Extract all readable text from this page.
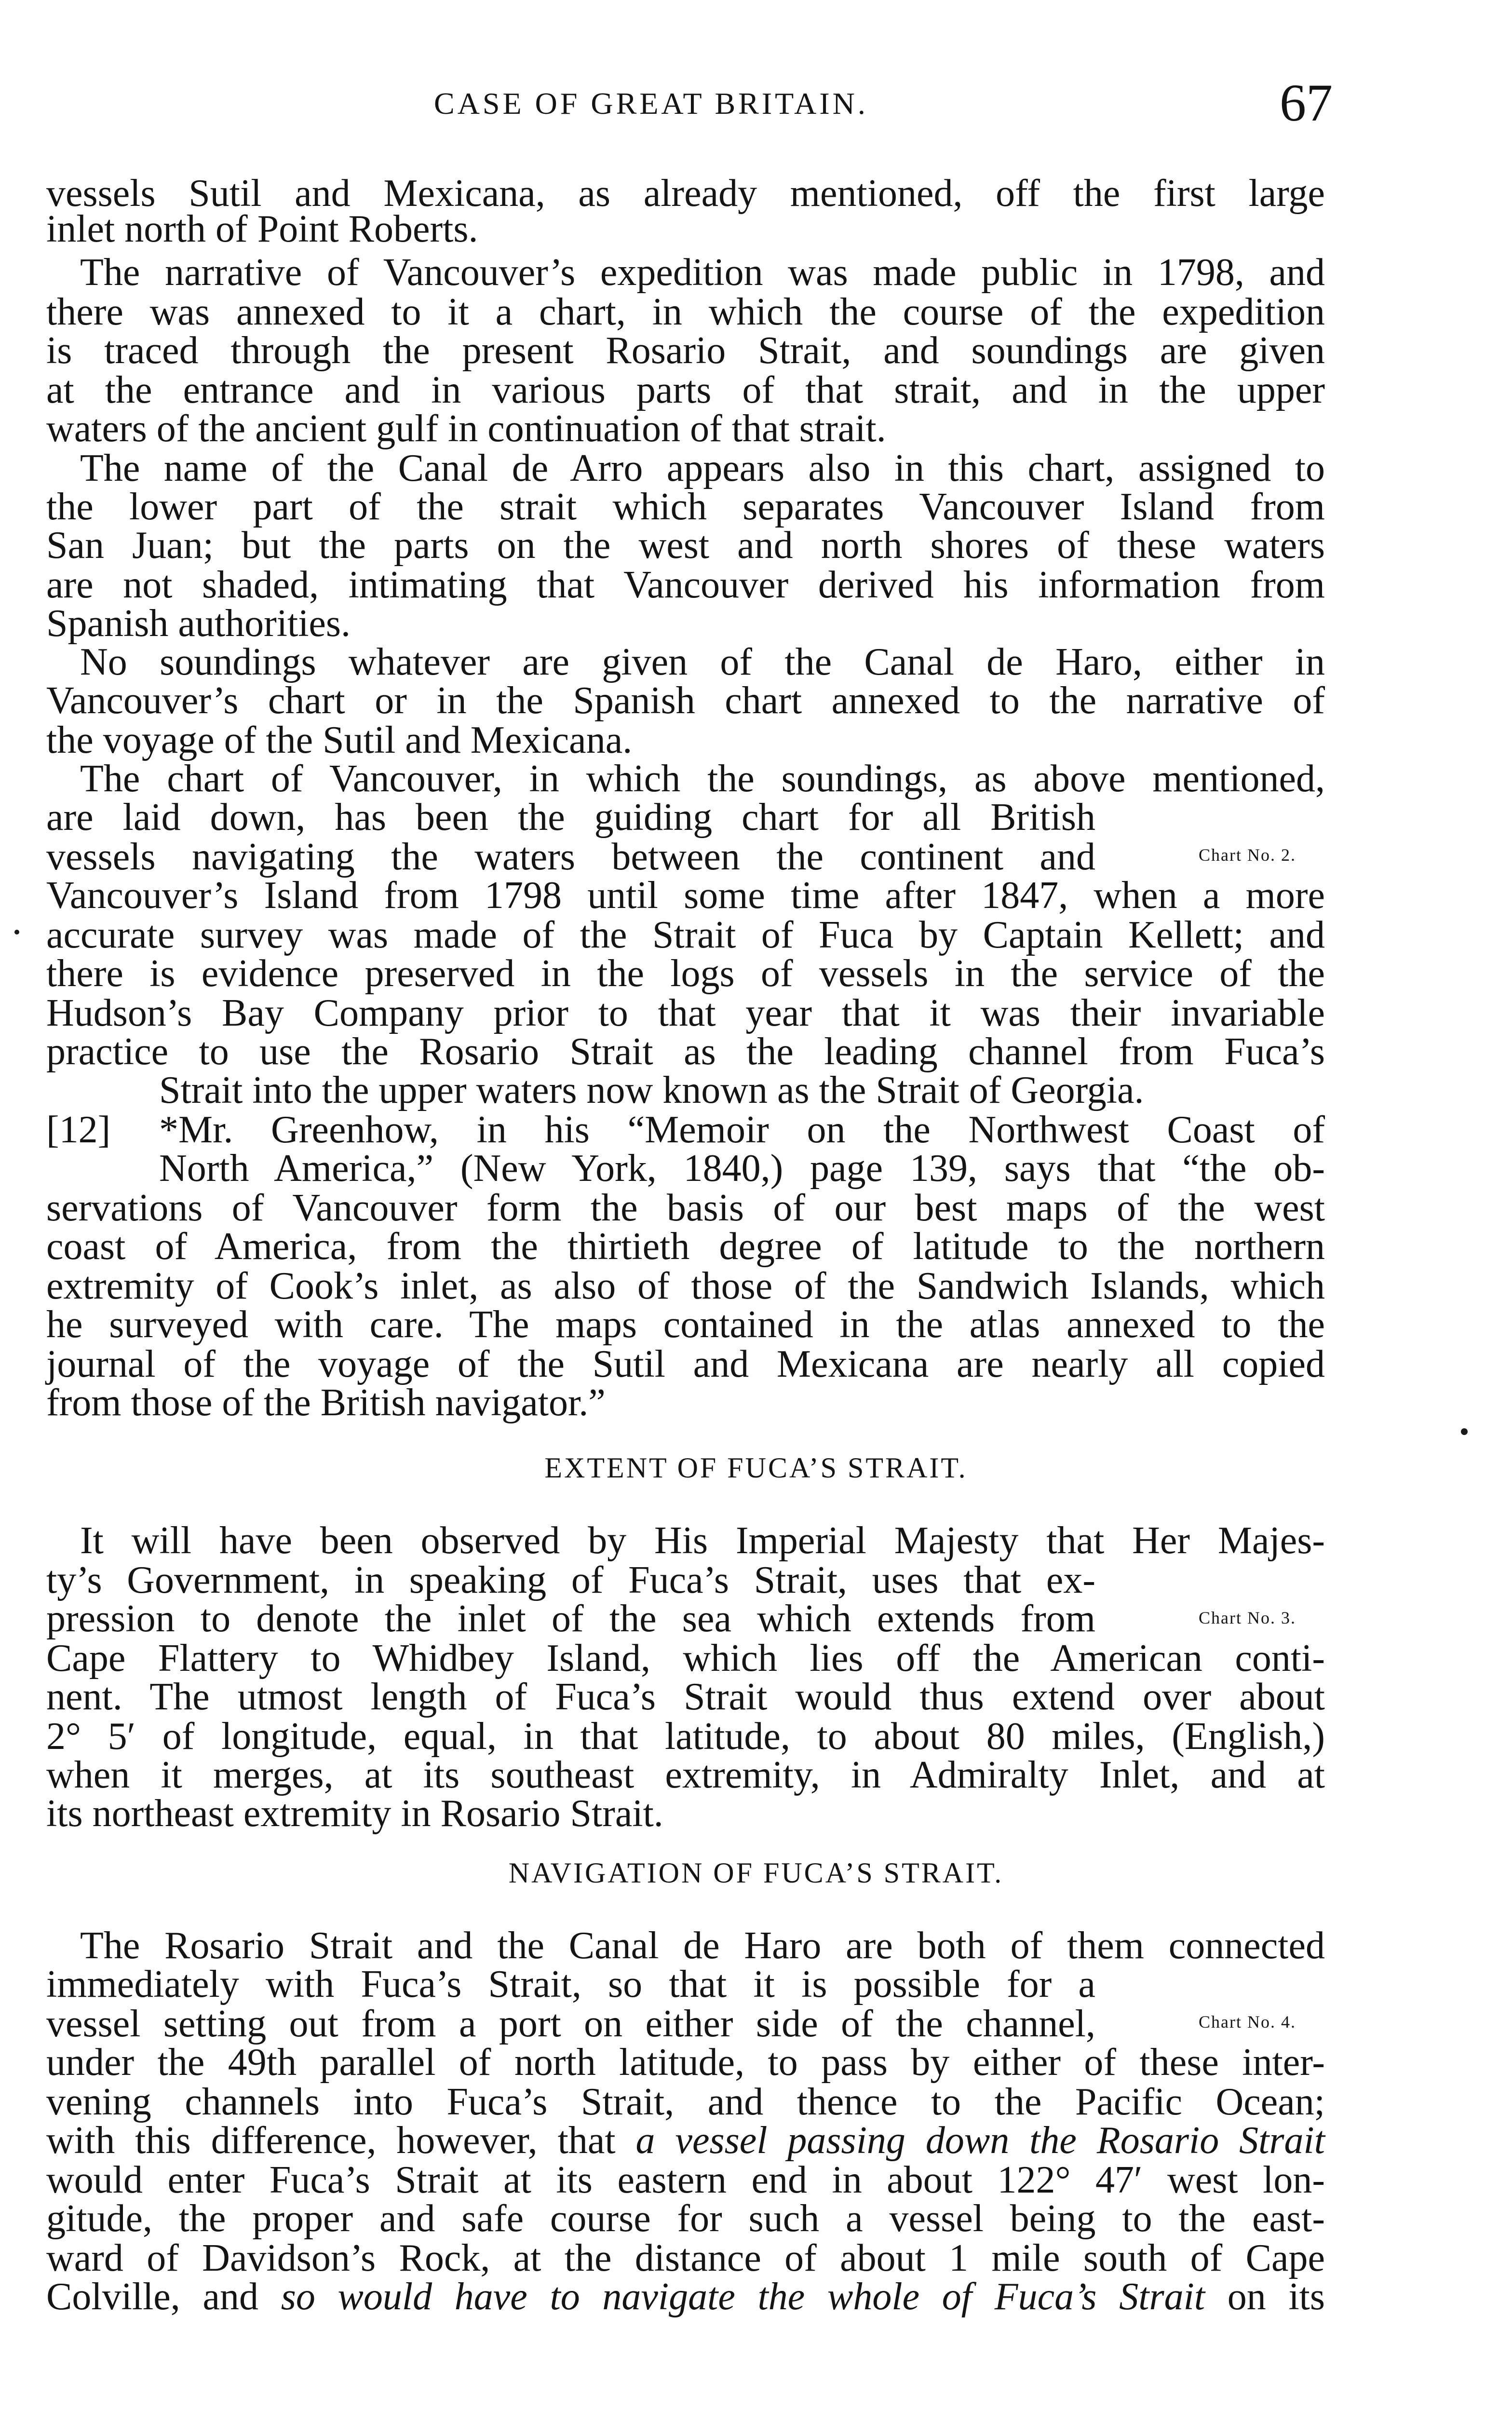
CASE OF GREAT BRITAIN.	67
vessels Sutil and Mexicana, as already mentioned, off the first large
inlet north of Point Roberts.
The narrative of Vancouver’s expedition was made public in 1798, and
there was annexed to it a chart, in which the course of the expedition
is traced through the present Rosario Strait, and soundings are given
at the entrance and in various parts of that strait, and in the upper
waters of the ancient gulf in continuation of that strait.
The name of the Canal de Arro appears also in this chart, assigned to
the lower part of the strait which separates Vancouver Island from
San Juan; but the parts on the west and north shores of these waters
are not shaded, intimating that Vancouver derived his information from
Spanish authorities.
No soundings whatever are given of the Canal de Haro, either in
Vancouver’s chart or in the Spanish chart annexed to the narrative of
the voyage of the Sutil and Mexicana.
The chart of Vancouver, in which the soundings, as above mentioned,
are laid down, has been the guiding chart for all British
vessels navigating the waters between the continent and	Chart No. 2.
Vancouver’s Island from 1798 until some time after 1847, when a more
accurate survey was made of the Strait of Fuca by Captain Kellett; and
there is evidence preserved in the logs of vessels in the service of the
Hudson’s Bay Company prior to that year that it was their invariable
practice to use the Rosario Strait as the leading channel from Fuca’s
Strait into the upper waters now known as the Strait of Georgia.
[12] *Mr. Greenhow, in his “Memoir on the Northwest Coast of
North America,” (New York, 1840,) page 139, says that “the ob-
servations of Vancouver form the basis of our best maps of the west
coast of America, from the thirtieth degree of latitude to the northern
extremity of Cook’s inlet, as also of those of the Sandwich Islands, which
he surveyed with care. The maps contained in the atlas annexed to the
journal of the voyage of the Sutil and Mexicana are nearly all copied
from those of the British navigator.”
EXTENT OF FUCA’S STRAIT.
It will have been observed by His Imperial Majesty that Her Majes-
ty’s Government, in speaking of Fuca’s Strait, uses that ex-
pression to denote the inlet of the sea which extends from	Chart No. 3.
Cape Flattery to Whidbey Island, which lies off the American conti-
nent. The utmost length of Fuca’s Strait would thus extend over about
2° 5′ of longitude, equal, in that latitude, to about 80 miles, (English,)
when it merges, at its southeast extremity, in Admiralty Inlet, and at
its northeast extremity in Rosario Strait.
NAVIGATION OF FUCA’S STRAIT.
The Rosario Strait and the Canal de Haro are both of them connected
immediately with Fuca’s Strait, so that it is possible for a
vessel setting out from a port on either side of the channel,	Chart No. 4.
under the 49th parallel of north latitude, to pass by either of these inter-
vening channels into Fuca’s Strait, and thence to the Pacific Ocean;
with this difference, however, that a vessel passing down the Rosario Strait
would enter Fuca’s Strait at its eastern end in about 122° 47′ west lon-
gitude, the proper and safe course for such a vessel being to the east-
ward of Davidson’s Rock, at the distance of about 1 mile south of Cape
Colville, and so would have to navigate the whole of Fuca’s Strait on its
